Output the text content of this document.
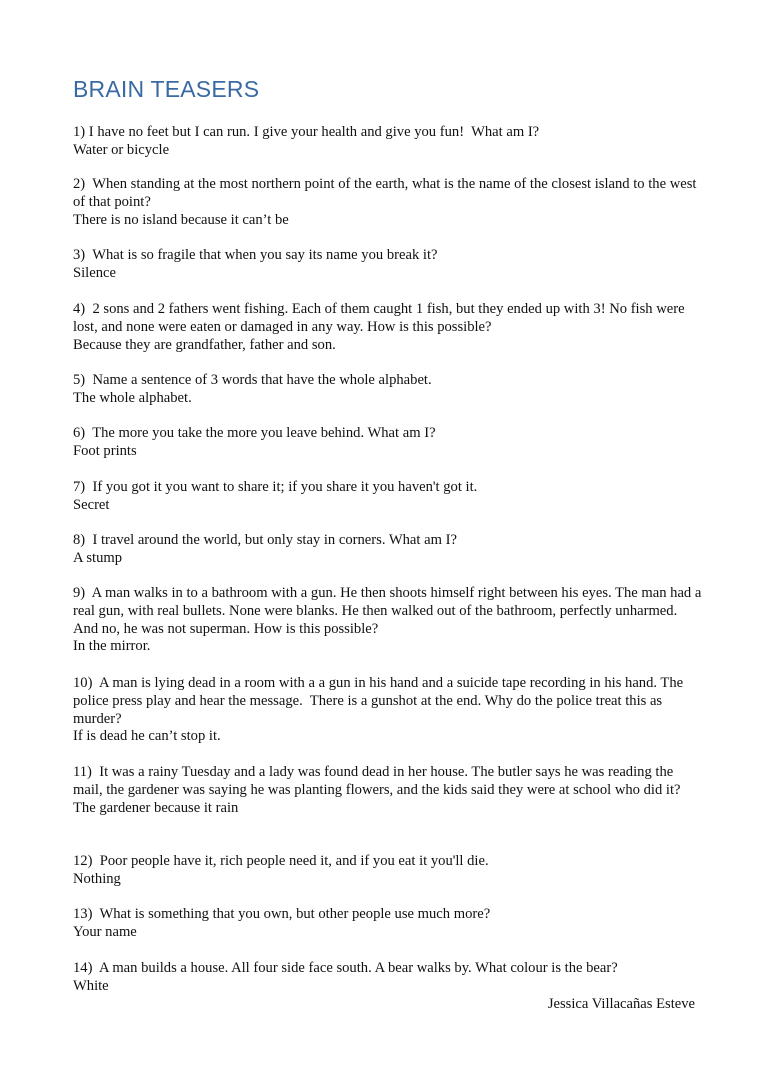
BRAIN TEASERS

1) I have no feet but I can run. I give your health and give you fun!  What am I?

Water or bicycle

2)  When standing at the most northern point of the earth, what is the name of the closest island to the west of that point?

There is no island because it can’t be

3)  What is so fragile that when you say its name you break it?

Silence

4)  2 sons and 2 fathers went fishing. Each of them caught 1 fish, but they ended up with 3! No fish were lost, and none were eaten or damaged in any way. How is this possible?

Because they are grandfather, father and son.

5)  Name a sentence of 3 words that have the whole alphabet.

The whole alphabet.

6)  The more you take the more you leave behind. What am I?

Foot prints

7)  If you got it you want to share it; if you share it you haven't got it.

Secret

8)  I travel around the world, but only stay in corners. What am I?

A stump

9)  A man walks in to a bathroom with a gun. He then shoots himself right between his eyes. The man had a real gun, with real bullets. None were blanks. He then walked out of the bathroom, perfectly unharmed. And no, he was not superman. How is this possible?

In the mirror.

10)  A man is lying dead in a room with a a gun in his hand and a suicide tape recording in his hand. The police press play and hear the message.  There is a gunshot at the end. Why do the police treat this as murder?

If is dead he can’t stop it.

11)  It was a rainy Tuesday and a lady was found dead in her house. The butler says he was reading the mail, the gardener was saying he was planting flowers, and the kids said they were at school who did it?

The gardener because it rain

12)  Poor people have it, rich people need it, and if you eat it you'll die.

Nothing

13)  What is something that you own, but other people use much more?

Your name

14)  A man builds a house. All four side face south. A bear walks by. What colour is the bear?

White

Jessica Villacañas Esteve
